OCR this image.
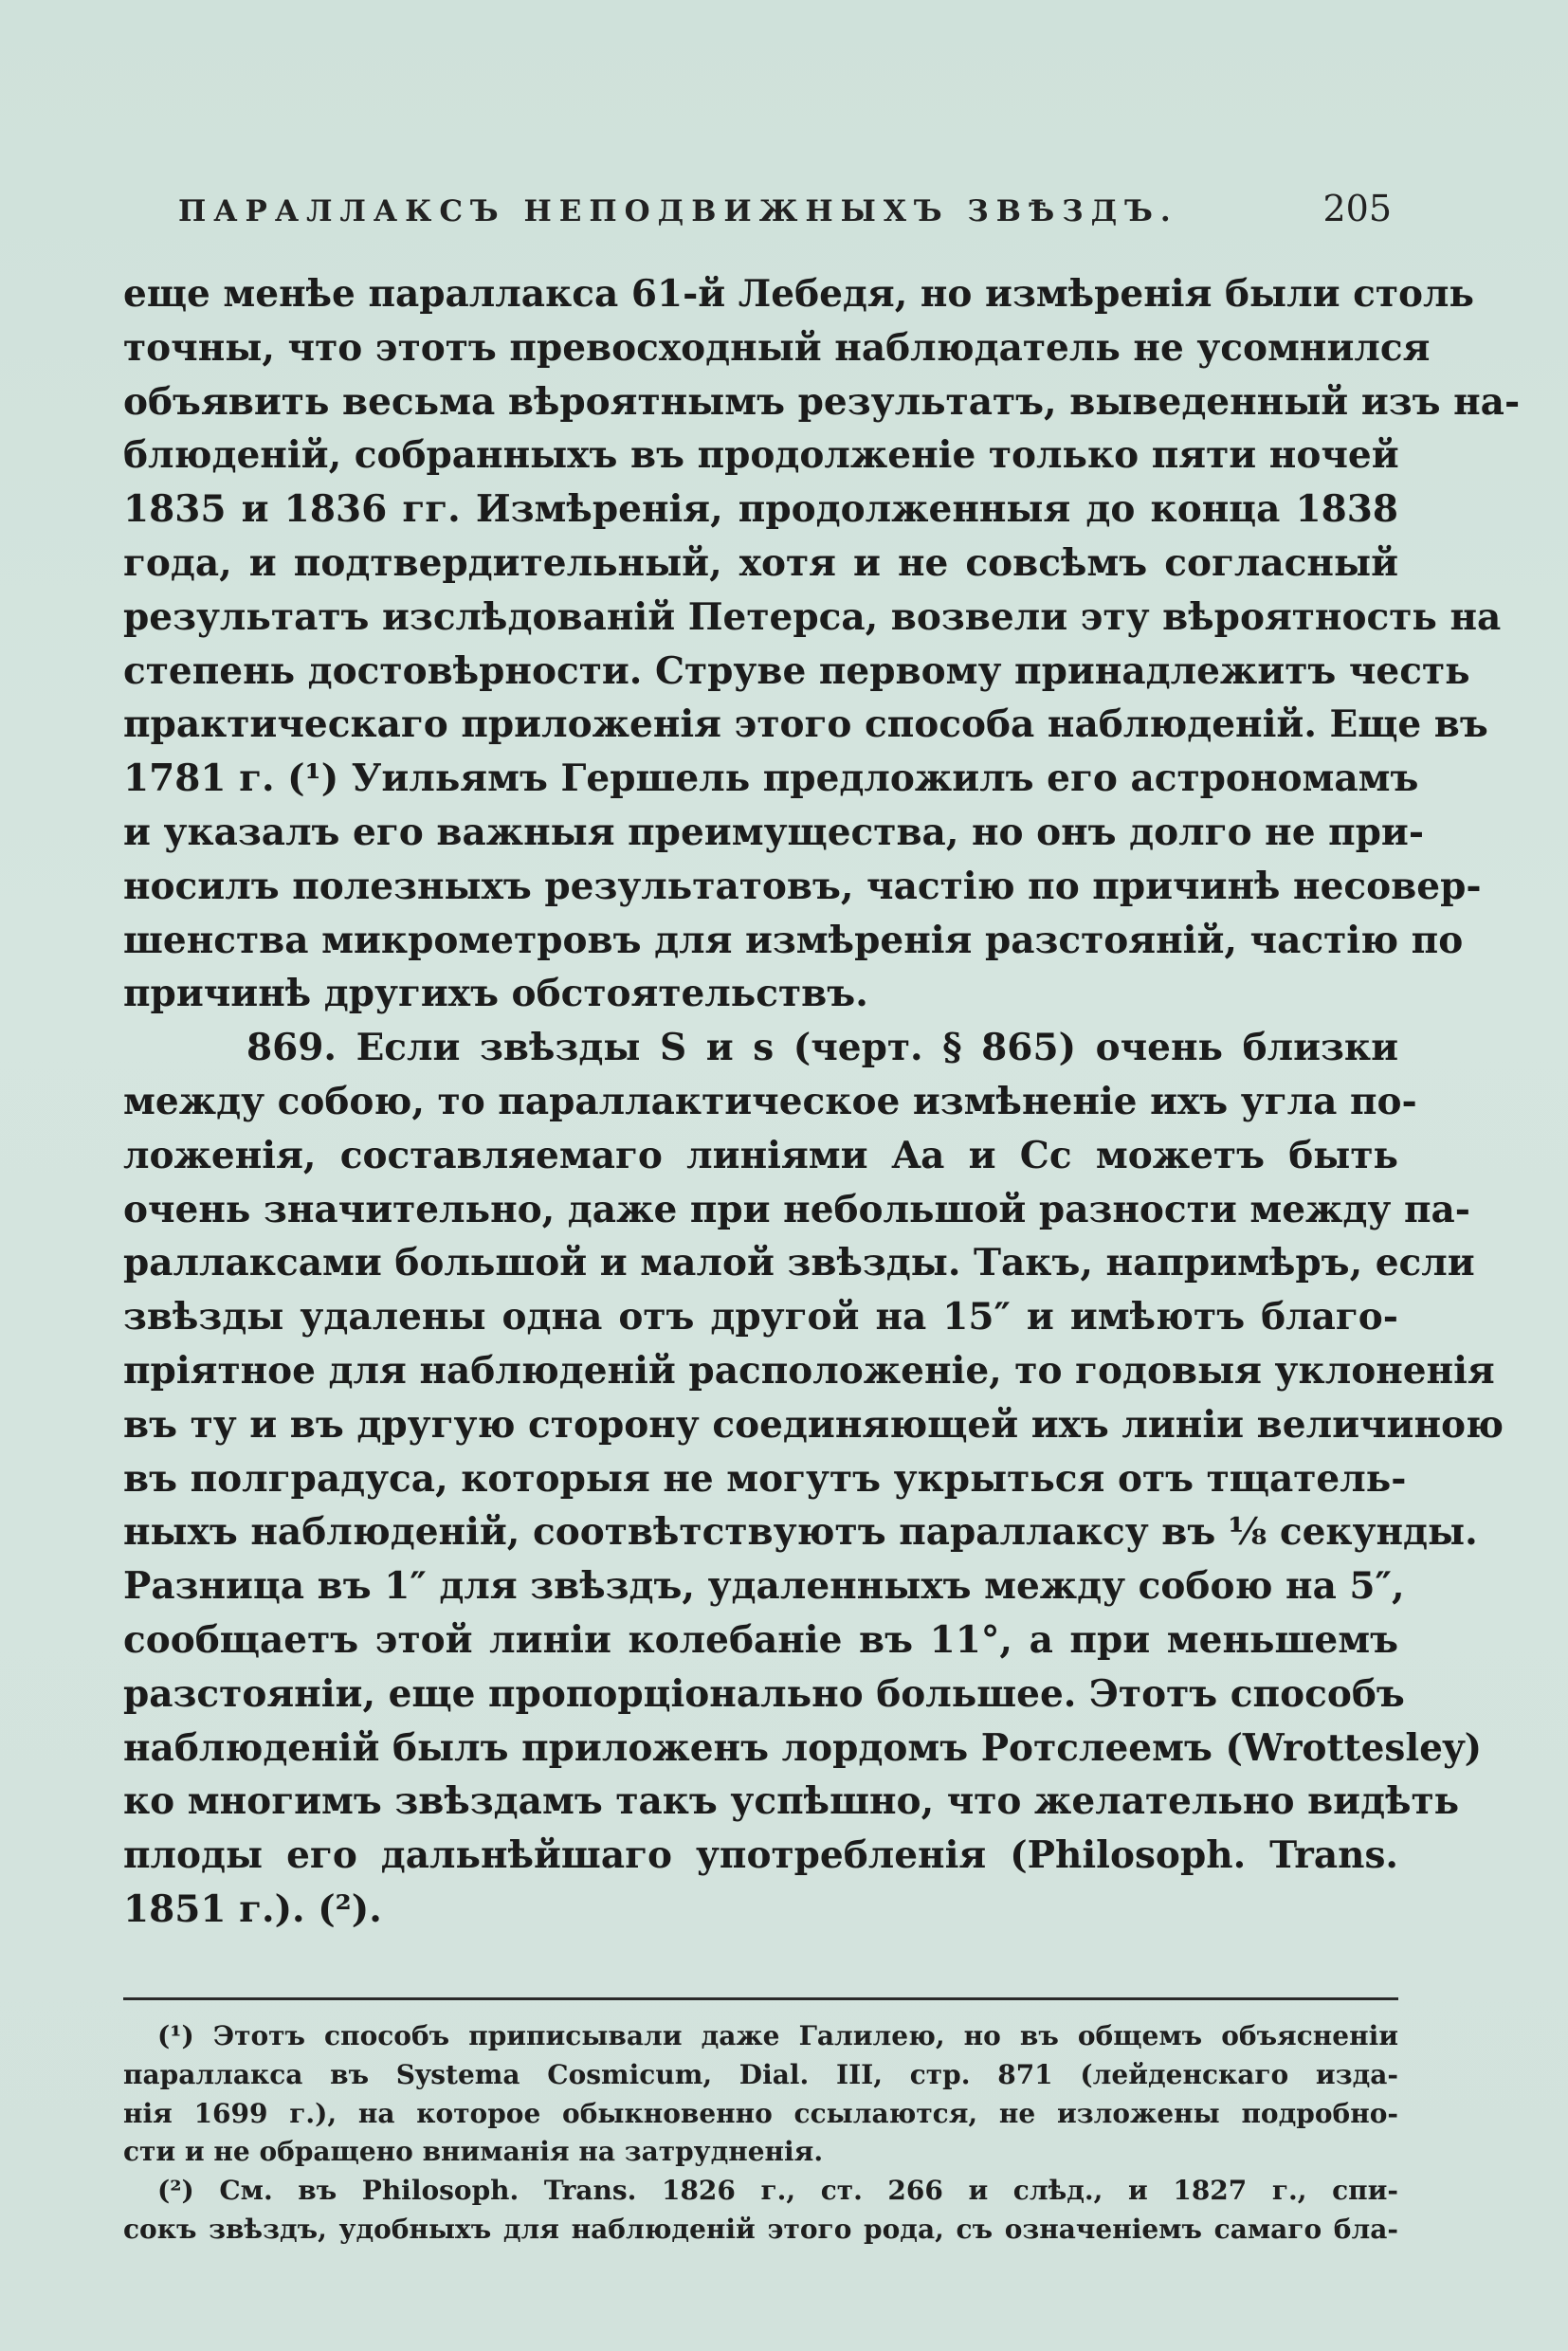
ПАРАЛЛАКСЪ НЕПОДВИЖНЫХЪ ЗВѢЗДЪ.	205
еще менѣе параллакса 61-й Лебедя, но измѣренія были столь
точны, что этотъ превосходный наблюдатель не усомнился
объявить весьма вѣроятнымъ результатъ, выведенный изъ на-
блюденій, собранныхъ въ продолженіе только пяти ночей
1835 и 1836 гг. Измѣренія, продолженныя до конца 1838
года, и подтвердительный, хотя и не совсѣмъ согласный
результатъ изслѣдованій Петерса, возвели эту вѣроятность на
степень достовѣрности. Струве первому принадлежитъ честь
практическаго приложенія этого способа наблюденій. Еще въ
1781 г. (¹) Уильямъ Гершель предложилъ его астрономамъ
и указалъ его важныя преимущества, но онъ долго не при-
носилъ полезныхъ результатовъ, частію по причинѣ несовер-
шенства микрометровъ для измѣренія разстояній, частію по
причинѣ другихъ обстоятельствъ.
869. Если звѣзды S и s (черт. § 865) очень близки
между собою, то параллактическое измѣненіе ихъ угла по-
ложенія, составляемаго линіями Aa и Cc можетъ быть
очень значительно, даже при небольшой разности между па-
раллаксами большой и малой звѣзды. Такъ, напримѣръ, если
звѣзды удалены одна отъ другой на 15″ и имѣютъ благо-
пріятное для наблюденій расположеніе, то годовыя уклоненія
въ ту и въ другую сторону соединяющей ихъ линіи величиною
въ полградуса, которыя не могутъ укрыться отъ тщатель-
ныхъ наблюденій, соотвѣтствуютъ параллаксу въ ⅛ секунды.
Разница въ 1″ для звѣздъ, удаленныхъ между собою на 5″,
сообщаетъ этой линіи колебаніе въ 11°, а при меньшемъ
разстояніи, еще пропорціонально большее. Этотъ способъ
наблюденій былъ приложенъ лордомъ Ротслеемъ (Wrottesley)
ко многимъ звѣздамъ такъ успѣшно, что желательно видѣть
плоды его дальнѣйшаго употребленія (Philosoph. Trans.
1851 г.). (²).
(¹) Этотъ способъ приписывали даже Галилею, но въ общемъ объясненіи
параллакса въ Systema Cosmicum, Dial. III, стр. 871 (лейденскаго изда-
нія 1699 г.), на которое обыкновенно ссылаются, не изложены подробно-
сти и не обращено вниманія на затрудненія.
(²) См. въ Philosoph. Trans. 1826 г., ст. 266 и слѣд., и 1827 г., спи-
сокъ звѣздъ, удобныхъ для наблюденій этого рода, съ означеніемъ самаго бла-
